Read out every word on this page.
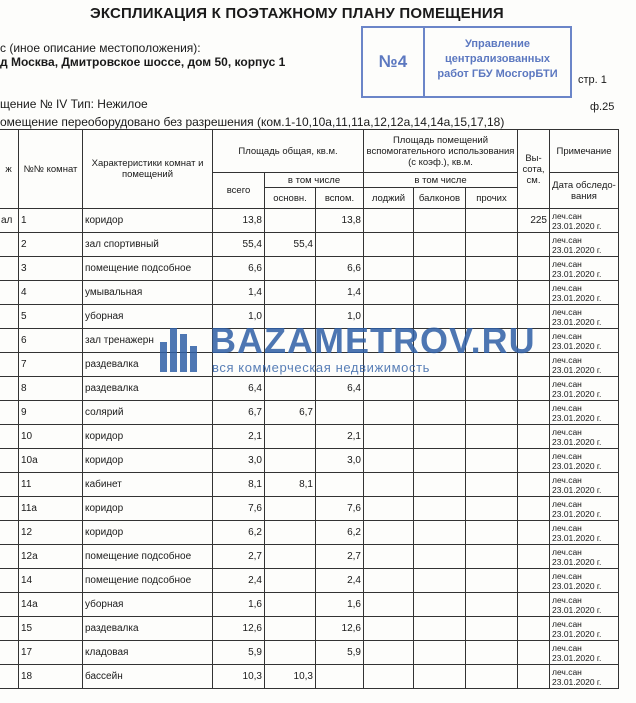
ЭКСПЛИКАЦИЯ К ПОЭТАЖНОМУ ПЛАНУ ПОМЕЩЕНИЯ
с (иное описание местоположения):
д Москва, Дмитровское шоссе, дом 50, корпус 1
стр. 1
ф.25
щение № IV Тип: Нежилое
омещение переоборудовано без разрешения (ком.1-10,10а,11,11а,12,12а,14,14а,15,17,18)
№4
Управление
централизованных
работ ГБУ МосгорБТИ
ж	№№ комнат	Характеристики комнат и помещений	Площадь общая, кв.м.			Площадь помещений вспомогательного использования (с коэф.), кв.м.			Вы-сота, см.	Примечание
			всего	в том числе		в том числе				Дата обследо-вания
				основн.	вспом.	лоджий	балконов	прочих		
ал	1	коридор	13,8		13,8				225	леч.сан
23.01.2020 г.

	2	зал спортивный	55,4	55,4						леч.сан
23.01.2020 г.

	3	помещение подсобное	6,6		6,6					леч.сан
23.01.2020 г.

	4	умывальная	1,4		1,4					леч.сан
23.01.2020 г.

	5	уборная	1,0		1,0					леч.сан
23.01.2020 г.

	6	зал тренажерн								леч.сан
23.01.2020 г.

	7	раздевалка								леч.сан
23.01.2020 г.

	8	раздевалка	6,4		6,4					леч.сан
23.01.2020 г.

	9	солярий	6,7	6,7						леч.сан
23.01.2020 г.

	10	коридор	2,1		2,1					леч.сан
23.01.2020 г.

	10а	коридор	3,0		3,0					леч.сан
23.01.2020 г.

	11	кабинет	8,1	8,1						леч.сан
23.01.2020 г.

	11а	коридор	7,6		7,6					леч.сан
23.01.2020 г.

	12	коридор	6,2		6,2					леч.сан
23.01.2020 г.

	12а	помещение подсобное	2,7		2,7					леч.сан
23.01.2020 г.

	14	помещение подсобное	2,4		2,4					леч.сан
23.01.2020 г.

	14а	уборная	1,6		1,6					леч.сан
23.01.2020 г.

	15	раздевалка	12,6		12,6					леч.сан
23.01.2020 г.

	17	кладовая	5,9		5,9					леч.сан
23.01.2020 г.

	18	бассейн	10,3	10,3						леч.сан
23.01.2020 г.
BAZAMETROV.RU
вся коммерческая недвижимость
